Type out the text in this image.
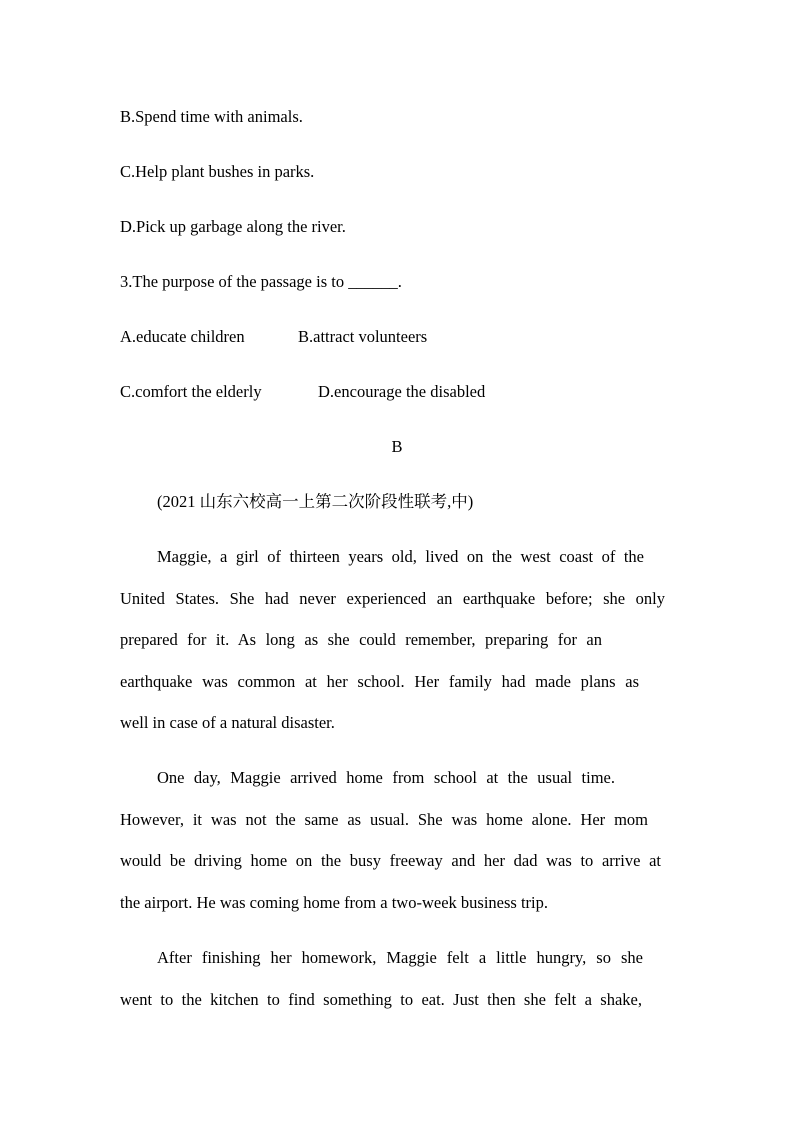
B.Spend time with animals.
C.Help plant bushes in parks.
D.Pick up garbage along the river.
3.The purpose of the passage is to ______.
A.educate children	B.attract volunteers
C.comfort the elderly	D.encourage the disabled
B
(2021 山东六校高一上第二次阶段性联考,中)
Maggie, a girl of thirteen years old, lived on the west coast of the
United States. She had never experienced an earthquake before; she only
prepared for it. As long as she could remember, preparing for an
earthquake was common at her school. Her family had made plans as
well in case of a natural disaster.
One day, Maggie arrived home from school at the usual time.
However, it was not the same as usual. She was home alone. Her mom
would be driving home on the busy freeway and her dad was to arrive at
the airport. He was coming home from a two-week business trip.
After finishing her homework, Maggie felt a little hungry, so she
went to the kitchen to find something to eat. Just then she felt a shake,
